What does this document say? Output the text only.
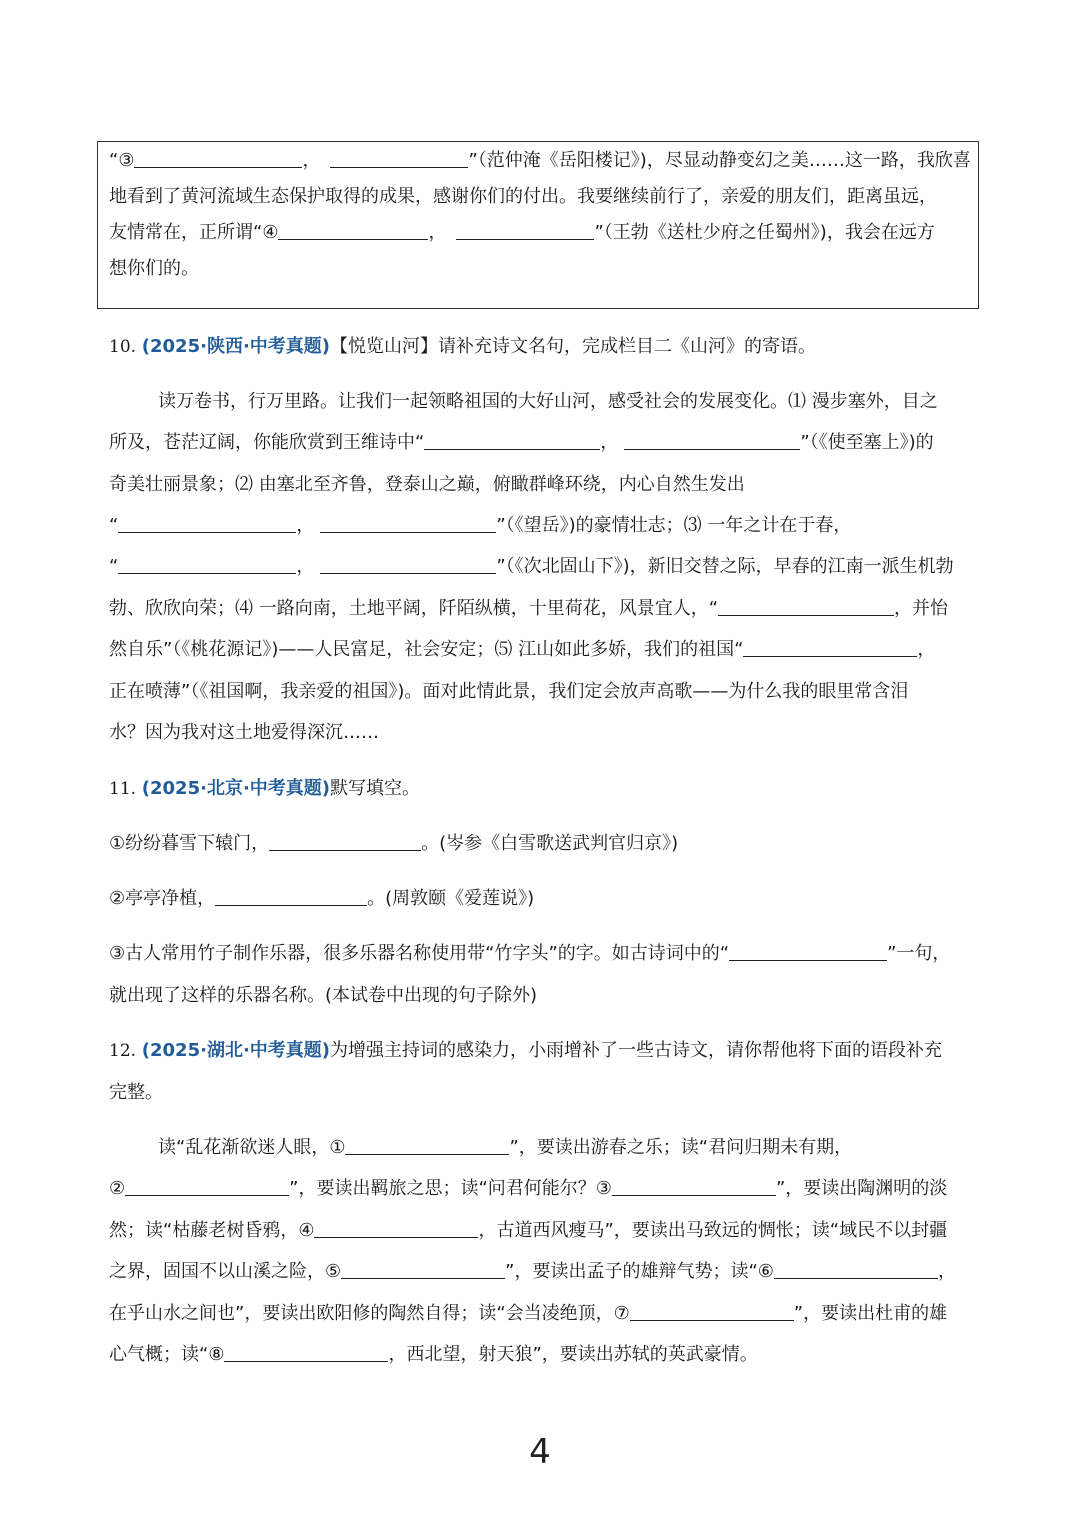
“③	，	”（范仲淹《岳阳楼记》)，尽显动静变幻之美……这一路，我欣喜
地看到了黄河流域生态保护取得的成果，感谢你们的付出。我要继续前行了，亲爱的朋友们，距离虽远，
友情常在，正所谓“④	，	”（王勃《送杜少府之任蜀州》)，我会在远方
想你们的。
10. (2025·陕西·中考真题)【悦览山河】请补充诗文名句，完成栏目二《山河》的寄语。
读万卷书，行万里路。让我们一起领略祖国的大好山河，感受社会的发展变化。⑴ 漫步塞外，目之
所及，苍茫辽阔，你能欣赏到王维诗中“	，	”（《使至塞上》)的
奇美壮丽景象；⑵ 由塞北至齐鲁，登泰山之巅，俯瞰群峰环绕，内心自然生发出
“	，	”（《望岳》)的豪情壮志；⑶ 一年之计在于春，
“	，	”（《次北固山下》)，新旧交替之际，早春的江南一派生机勃
勃、欣欣向荣；⑷ 一路向南，土地平阔，阡陌纵横，十里荷花，风景宜人，“	，并怡
然自乐”（《桃花源记》)——人民富足，社会安定；⑸ 江山如此多娇，我们的祖国“	，
正在喷薄”（《祖国啊，我亲爱的祖国》)。面对此情此景，我们定会放声高歌——为什么我的眼里常含泪
水？因为我对这土地爱得深沉……
11. (2025·北京·中考真题)默写填空。
①纷纷暮雪下辕门，	。(岑参《白雪歌送武判官归京》)
②亭亭净植，	。(周敦颐《爱莲说》)
③古人常用竹子制作乐器，很多乐器名称使用带“竹字头”的字。如古诗词中的“	”一句，
就出现了这样的乐器名称。(本试卷中出现的句子除外)
12. (2025·湖北·中考真题)为增强主持词的感染力，小雨增补了一些古诗文，请你帮他将下面的语段补充
完整。
读“乱花渐欲迷人眼，①	”，要读出游春之乐；读“君问归期未有期，
②	”，要读出羁旅之思；读“问君何能尔？③	”，要读出陶渊明的淡
然；读“枯藤老树昏鸦，④	，古道西风瘦马”，要读出马致远的惆怅；读“域民不以封疆
之界，固国不以山溪之险，⑤	”，要读出孟子的雄辩气势；读“⑥	，
在乎山水之间也”，要读出欧阳修的陶然自得；读“会当凌绝顶，⑦	”，要读出杜甫的雄
心气概；读“⑧	，西北望，射天狼”，要读出苏轼的英武豪情。
4
